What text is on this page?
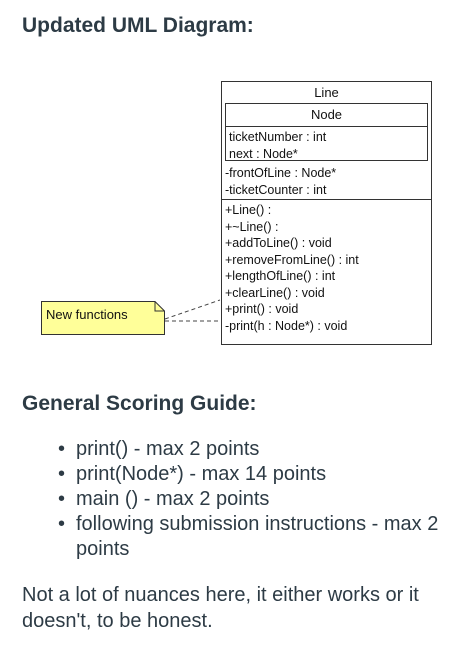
Updated UML Diagram:
Line
Node
ticketNumber : int
next : Node*
-frontOfLine : Node*
-ticketCounter : int
+Line() :
+~Line() :
+addToLine() : void
+removeFromLine() : int
+lengthOfLine() : int
+clearLine() : void
+print() : void
-print(h : Node*) : void
New functions
General Scoring Guide:
• print() - max 2 points
• print(Node*) - max 14 points
• main () - max 2 points
• following submission instructions - max 2 points

Not a lot of nuances here, it either works or it doesn't, to be honest.
